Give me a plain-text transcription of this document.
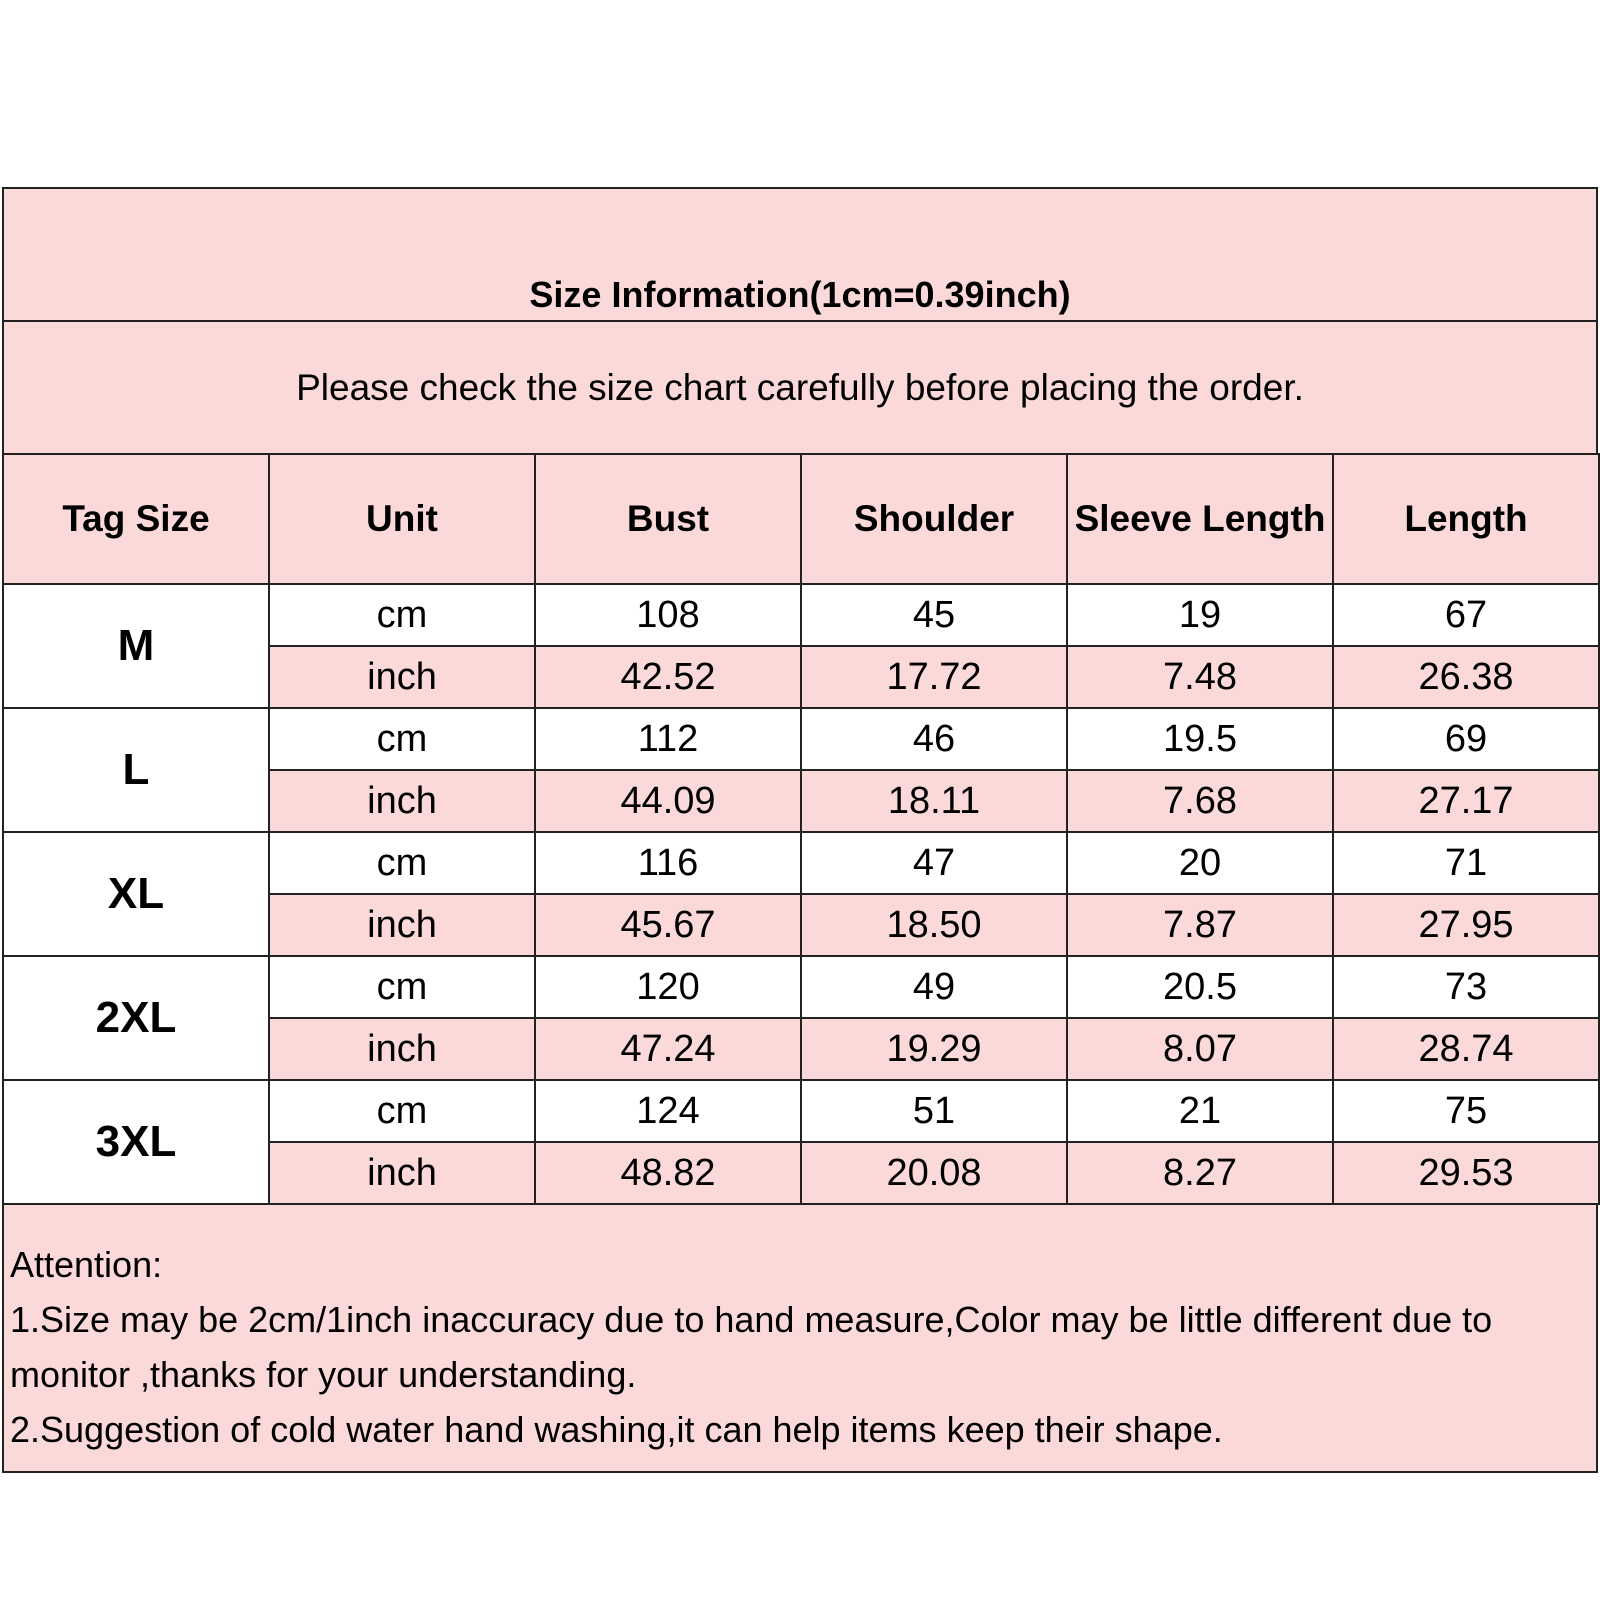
Size Information(1cm=0.39inch)
Please check the size chart carefully before placing the order.
Tag Size	Unit	Bust	Shoulder	Sleeve Length	Length
M	cm	108	45	19	67
	inch	42.52	17.72	7.48	26.38
L	cm	112	46	19.5	69
	inch	44.09	18.11	7.68	27.17
XL	cm	116	47	20	71
	inch	45.67	18.50	7.87	27.95
2XL	cm	120	49	20.5	73
	inch	47.24	19.29	8.07	28.74
3XL	cm	124	51	21	75
	inch	48.82	20.08	8.27	29.53

Attention:

1.Size may be 2cm/1inch inaccuracy due to hand measure,Color may be little different due to monitor ,thanks for your understanding.

2.Suggestion of cold water hand washing,it can help items keep their shape.
